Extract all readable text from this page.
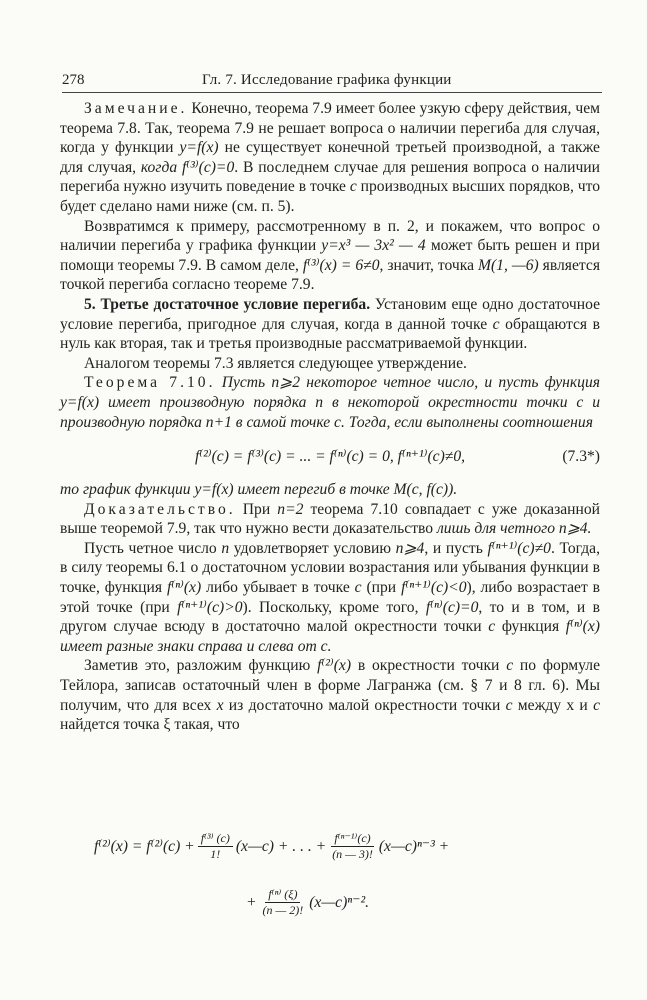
278	Гл. 7. Исследование графика функции

Замечание. Конечно, теорема 7.9 имеет более узкую сферу действия, чем теорема 7.8. Так, теорема 7.9 не решает вопроса о наличии перегиба для случая, когда у функции y=f(x) не существует конечной третьей производной, а также для случая, когда f⁽³⁾(c)=0. В последнем случае для решения вопроса о наличии перегиба нужно изучить поведение в точке c производных высших порядков, что будет сделано нами ниже (см. п. 5).

Возвратимся к примеру, рассмотренному в п. 2, и покажем, что вопрос о наличии перегиба у графика функции y=x³ — 3x² — 4 может быть решен и при помощи теоремы 7.9. В самом деле, f⁽³⁾(x) = 6≠0, значит, точка M(1, —6) является точкой перегиба согласно теореме 7.9.

5. Третье достаточное условие перегиба. Установим еще одно достаточное условие перегиба, пригодное для случая, когда в данной точке c обращаются в нуль как вторая, так и третья производные рассматриваемой функции.

Аналогом теоремы 7.3 является следующее утверждение.

Теорема 7.10. Пусть n⩾2 некоторое четное число, и пусть функция y=f(x) имеет производную порядка n в некоторой окрестности точки c и производную порядка n+1 в самой точке c. Тогда, если выполнены соотношения

f⁽²⁾(c) = f⁽³⁾(c) = ... = f⁽ⁿ⁾(c) = 0, f⁽ⁿ⁺¹⁾(c)≠0,	(7.3*)

то график функции y=f(x) имеет перегиб в точке M(c, f(c)).

Доказательство. При n=2 теорема 7.10 совпадает с уже доказанной выше теоремой 7.9, так что нужно вести доказательство лишь для четного n⩾4.

Пусть четное число n удовлетворяет условию n⩾4, и пусть f⁽ⁿ⁺¹⁾(c)≠0. Тогда, в силу теоремы 6.1 о достаточном условии возрастания или убывания функции в точке, функция f⁽ⁿ⁾(x) либо убывает в точке c (при f⁽ⁿ⁺¹⁾(c)<0), либо возрастает в этой точке (при f⁽ⁿ⁺¹⁾(c)>0). Поскольку, кроме того, f⁽ⁿ⁾(c)=0, то и в том, и в другом случае всюду в достаточно малой окрестности точки c функция f⁽ⁿ⁾(x) имеет разные знаки справа и слева от c.

Заметив это, разложим функцию f⁽²⁾(x) в окрестности точки c по формуле Тейлора, записав остаточный член в форме Лагранжа (см. § 7 и 8 гл. 6). Мы получим, что для всех x из достаточно малой окрестности точки c между x и c найдется точка ξ такая, что

$f^{(2)}(x) = f^{(2)}(c) + \frac{\text{f⁽³⁾ (c)}}{1!}$ (x—c) + . . . + $\frac{\text{f⁽ⁿ⁻¹⁾(c)}}{(n — 3)!}$ (x—c)ⁿ⁻³ +
+ $\frac{\text{f⁽ⁿ⁾ (ξ)}}{(n — 2)!}$ (x—c)ⁿ⁻².
